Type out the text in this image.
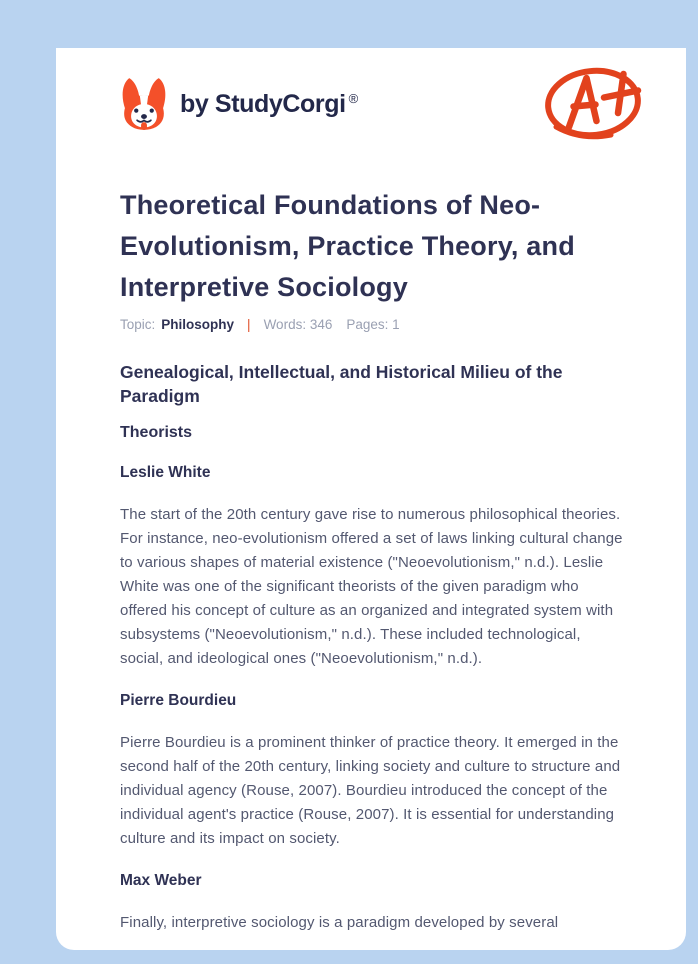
by StudyCorgi ®
Theoretical Foundations of Neo-Evolutionism, Practice Theory, and Interpretive Sociology
Topic: Philosophy | Words: 346 Pages: 1
Genealogical, Intellectual, and Historical Milieu of the Paradigm
Theorists
Leslie White

The start of the 20th century gave rise to numerous philosophical theories. For instance, neo-evolutionism offered a set of laws linking cultural change to various shapes of material existence ("Neoevolutionism," n.d.). Leslie White was one of the significant theorists of the given paradigm who offered his concept of culture as an organized and integrated system with subsystems ("Neoevolutionism," n.d.). These included technological, social, and ideological ones ("Neoevolutionism," n.d.).

Pierre Bourdieu

Pierre Bourdieu is a prominent thinker of practice theory. It emerged in the second half of the 20th century, linking society and culture to structure and individual agency (Rouse, 2007). Bourdieu introduced the concept of the individual agent's practice (Rouse, 2007). It is essential for understanding culture and its impact on society.

Max Weber

Finally, interpretive sociology is a paradigm developed by several
